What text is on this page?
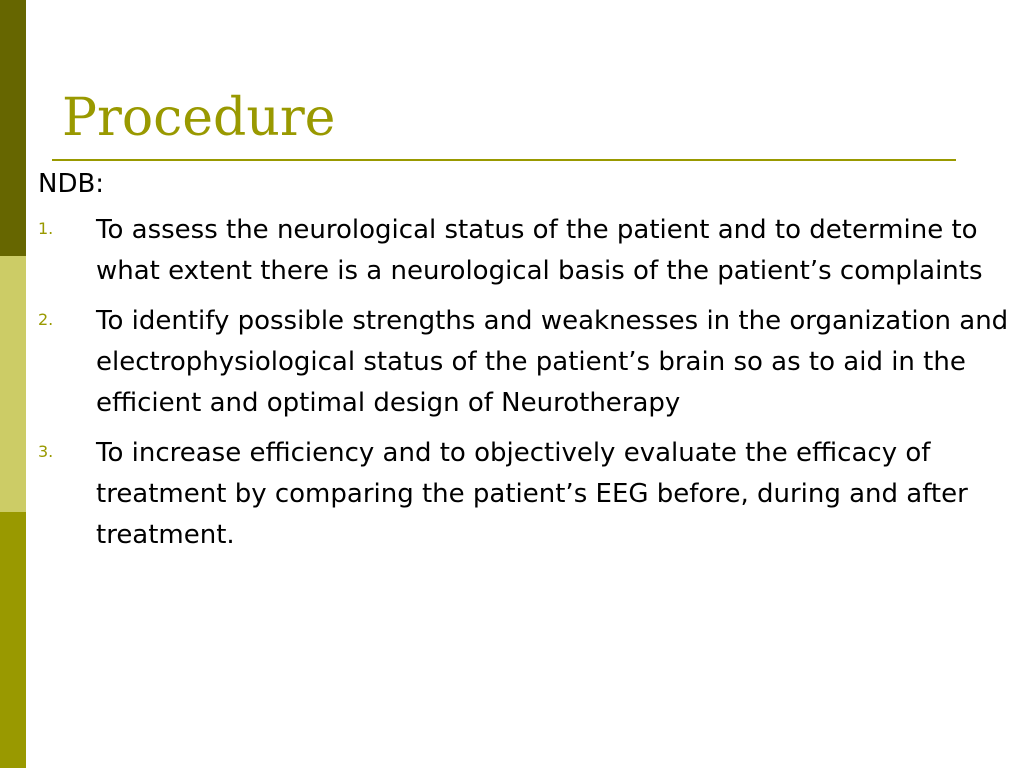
Procedure
NDB:
1. To assess the neurological status of the patient and to determine to what extent there is a neurological basis of the patient’s complaints
2. To identify possible strengths and weaknesses in the organization and electrophysiological status of the patient’s brain so as to aid in the efficient and optimal design of Neurotherapy
3. To increase efficiency and to objectively evaluate the efficacy of treatment by comparing the patient’s EEG before, during and after treatment.
